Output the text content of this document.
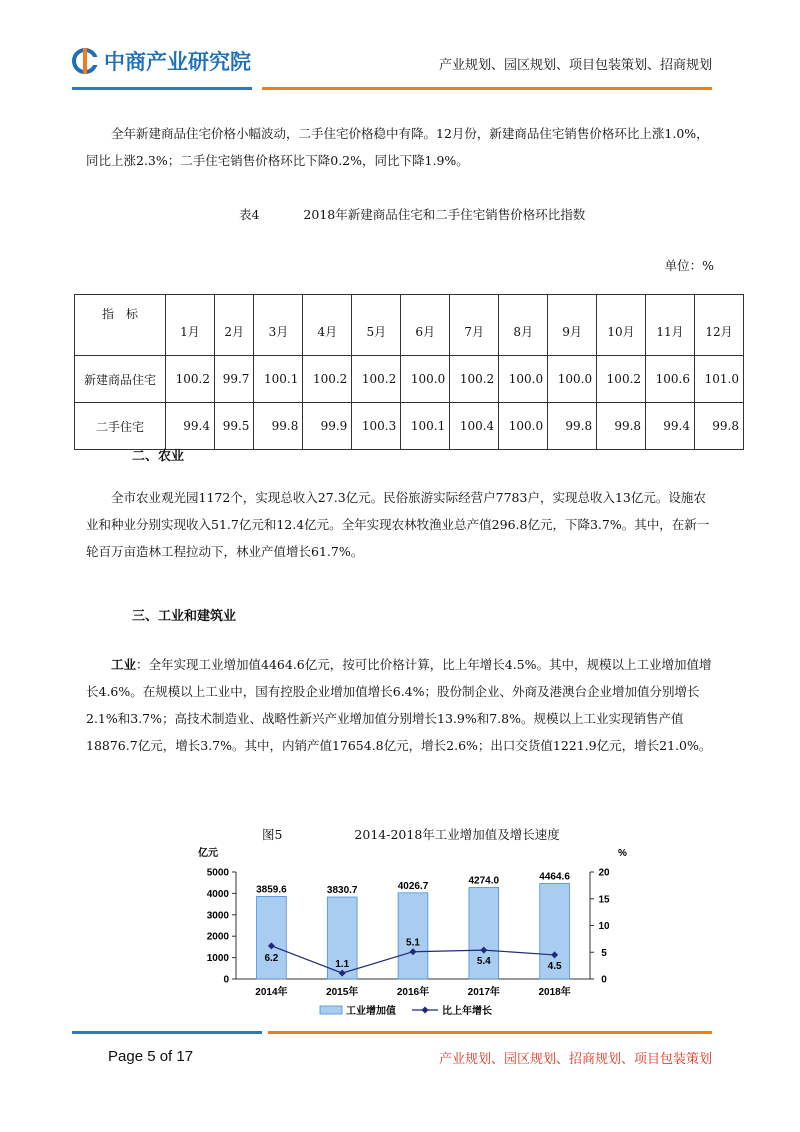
中商产业研究院	产业规划、园区规划、项目包装策划、招商规划
全年新建商品住宅价格小幅波动，二手住宅价格稳中有降。12月份，新建商品住宅销售价格环比上涨1.0%，同比上涨2.3%；二手住宅销售价格环比下降0.2%，同比下降1.9%。
表4	2018年新建商品住宅和二手住宅销售价格环比指数
单位：%
指　标	1月	2月	3月	4月	5月	6月	7月	8月	9月	10月	11月	12月
新建商品住宅	100.2	99.7	100.1	100.2	100.2	100.0	100.2	100.0	100.0	100.2	100.6	101.0
二手住宅	99.4	99.5	99.8	99.9	100.3	100.1	100.4	100.0	99.8	99.8	99.4	99.8
二、农业
全市农业观光园1172个，实现总收入27.3亿元。民俗旅游实际经营户7783户，实现总收入13亿元。设施农业和种业分别实现收入51.7亿元和12.4亿元。全年实现农林牧渔业总产值296.8亿元，下降3.7%。其中，在新一轮百万亩造林工程拉动下，林业产值增长61.7%。
三、工业和建筑业
工业：全年实现工业增加值4464.6亿元，按可比价格计算，比上年增长4.5%。其中，规模以上工业增加值增长4.6%。在规模以上工业中，国有控股企业增加值增长6.4%；股份制企业、外商及港澳台企业增加值分别增长2.1%和3.7%；高技术制造业、战略性新兴产业增加值分别增长13.9%和7.8%。规模以上工业实现销售产值18876.7亿元，增长3.7%。其中，内销产值17654.8亿元，增长2.6%；出口交货值1221.9亿元，增长21.0%。
图5	2014-2018年工业增加值及增长速度
亿元	%
0
1000
2000
3000
4000
5000
0
5
10
15
20
3859.6
2014年
3830.7
2015年
4026.7
2016年
4274.0
2017年
4464.6
2018年
6.2
1.1
5.1
5.4	4.5
工业增加值	比上年增长
Page 5 of 17	产业规划、园区规划、招商规划、项目包装策划
